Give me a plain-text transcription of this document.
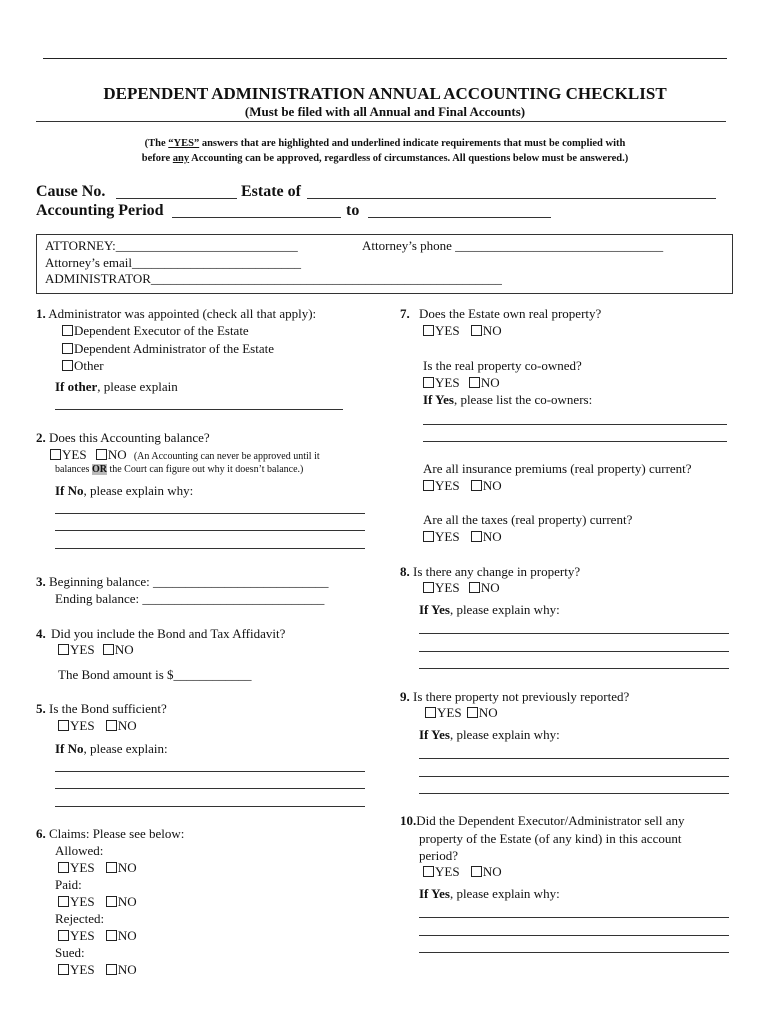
DEPENDENT ADMINISTRATION ANNUAL ACCOUNTING CHECKLIST
(Must be filed with all Annual and Final Accounts)
(The “YES” answers that are highlighted and underlined indicate requirements that must be complied with
before any Accounting can be approved, regardless of circumstances. All questions below must be answered.)
Cause No.	Estate of
Accounting Period	to
ATTORNEY:____________________________	Attorney’s phone ________________________________
Attorney’s email__________________________
ADMINISTRATOR______________________________________________________
1. Administrator was appointed (check all that apply):
Dependent Executor of the Estate
Dependent Administrator of the Estate
Other
If other, please explain
2. Does this Accounting balance?
YES NO (An Accounting can never be approved until it
balances OR the Court can figure out why it doesn’t balance.)
If No, please explain why:
3. Beginning balance: ___________________________
Ending balance: ____________________________
4. Did you include the Bond and Tax Affidavit?
YES NO
The Bond amount is $____________
5. Is the Bond sufficient?
YES NO
If No, please explain:
6. Claims: Please see below:
Allowed:
YES NO
Paid:
YES NO
Rejected:
YES NO
Sued:
YES NO
7. Does the Estate own real property?
YES NO
Is the real property co-owned?
YES NO
If Yes, please list the co-owners:
Are all insurance premiums (real property) current?
YES NO
Are all the taxes (real property) current?
YES NO
8. Is there any change in property?
YES NO
If Yes, please explain why:
9. Is there property not previously reported?
YES NO
If Yes, please explain why:
10.Did the Dependent Executor/Administrator sell any
property of the Estate (of any kind) in this account
period?
YES NO
If Yes, please explain why:
